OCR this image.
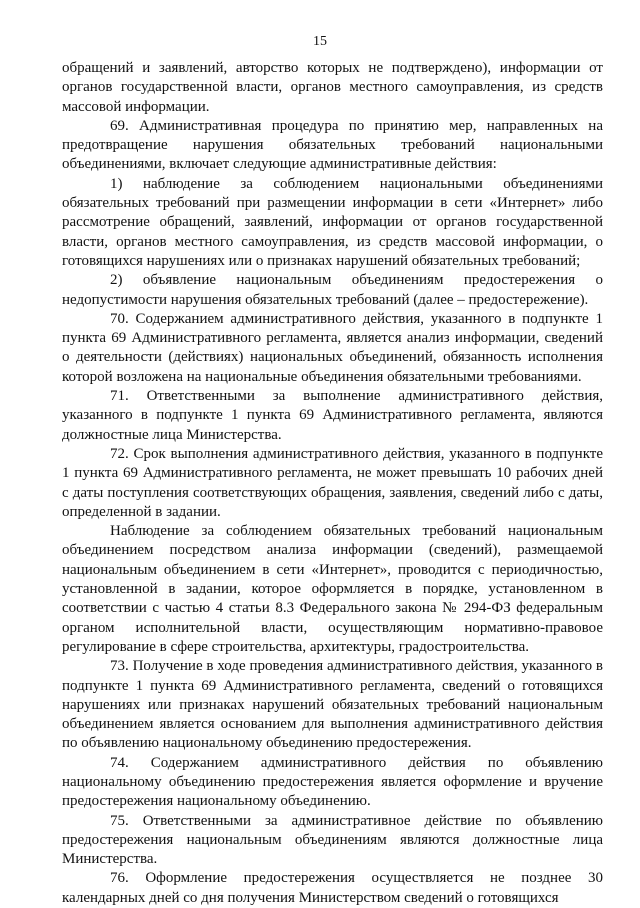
15

обращений и заявлений, авторство которых не подтверждено), информации от органов государственной власти, органов местного самоуправления, из средств массовой информации.

69. Административная процедура по принятию мер, направленных на предотвращение нарушения обязательных требований национальными объединениями, включает следующие административные действия:

1) наблюдение за соблюдением национальными объединениями обязательных требований при размещении информации в сети «Интернет» либо рассмотрение обращений, заявлений, информации от органов государственной власти, органов местного самоуправления, из средств массовой информации, о готовящихся нарушениях или о признаках нарушений обязательных требований;

2) объявление национальным объединениям предостережения о недопустимости нарушения обязательных требований (далее – предостережение).

70. Содержанием административного действия, указанного в подпункте 1 пункта 69 Административного регламента, является анализ информации, сведений о деятельности (действиях) национальных объединений, обязанность исполнения которой возложена на национальные объединения обязательными требованиями.

71. Ответственными за выполнение административного действия, указанного в подпункте 1 пункта 69 Административного регламента, являются должностные лица Министерства.

72. Срок выполнения административного действия, указанного в подпункте 1 пункта 69 Административного регламента, не может превышать 10 рабочих дней с даты поступления соответствующих обращения, заявления, сведений либо с даты, определенной в задании.

Наблюдение за соблюдением обязательных требований национальным объединением посредством анализа информации (сведений), размещаемой национальным объединением в сети «Интернет», проводится с периодичностью, установленной в задании, которое оформляется в порядке, установленном в соответствии с частью 4 статьи 8.3 Федерального закона № 294-ФЗ федеральным органом исполнительной власти, осуществляющим нормативно-правовое регулирование в сфере строительства, архитектуры, градостроительства.

73. Получение в ходе проведения административного действия, указанного в подпункте 1 пункта 69 Административного регламента, сведений о готовящихся нарушениях или признаках нарушений обязательных требований национальным объединением является основанием для выполнения административного действия по объявлению национальному объединению предостережения.

74. Содержанием административного действия по объявлению национальному объединению предостережения является оформление и вручение предостережения национальному объединению.

75. Ответственными за административное действие по объявлению предостережения национальным объединениям являются должностные лица Министерства.

76. Оформление предостережения осуществляется не позднее 30 календарных дней со дня получения Министерством сведений о готовящихся
